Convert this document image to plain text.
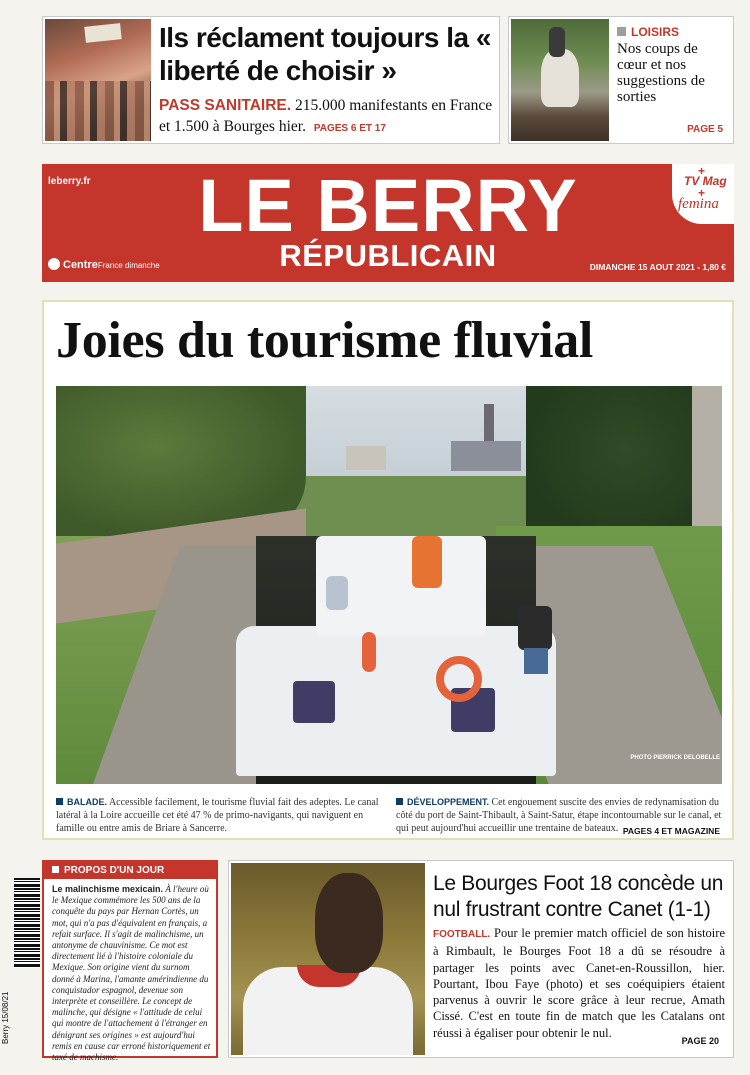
Ils réclament toujours la « liberté de choisir »
PASS SANITAIRE. 215.000 manifestants en France et 1.500 à Bourges hier. PAGES 6 ET 17
LOISIRS
Nos coups de cœur et nos suggestions de sorties
PAGE 5
leberry.fr	LE BERRY
RÉPUBLICAIN
CentreFrance dimanche	DIMANCHE 15 AOUT 2021 - 1,80 €
+
TV Mag
+
femina
Joies du tourisme fluvial
PHOTO PIERRICK DELOBELLE
BALADE. Accessible facilement, le tourisme fluvial fait des adeptes. Le canal latéral à la Loire accueille cet été 47 % de primo-navigants, qui naviguent en famille ou entre amis de Briare à Sancerre.
DÉVELOPPEMENT. Cet engouement suscite des envies de redynamisation du côté du port de Saint-Thibault, à Saint-Satur, étape incontournable sur le canal, et qui peut aujourd'hui accueillir une trentaine de bateaux. PAGES 4 ET MAGAZINE
Berry 15/08/21
PROPOS D'UN JOUR
Le malinchisme mexicain. À l'heure où le Mexique commémore les 500 ans de la conquête du pays par Hernan Cortès, un mot, qui n'a pas d'équivalent en français, a refait surface. Il s'agit de malinchisme, un antonyme de chauvinisme. Ce mot est directement lié à l'histoire coloniale du Mexique. Son origine vient du surnom donné à Marina, l'amante amérindienne du conquistador espagnol, devenue son interprète et conseillère. Le concept de malinche, qui désigne « l'attitude de celui qui montre de l'attachement à l'étranger en dénigrant ses origines » est aujourd'hui remis en cause car erroné historiquement et taxé de machisme.
Le Bourges Foot 18 concède un nul frustrant contre Canet (1-1)
FOOTBALL. Pour le premier match officiel de son histoire à Rimbault, le Bourges Foot 18 a dû se résoudre à partager les points avec Canet-en-Roussillon, hier. Pourtant, Ibou Faye (photo) et ses coéquipiers étaient parvenus à ouvrir le score grâce à leur recrue, Amath Cissé. C'est en toute fin de match que les Catalans ont réussi à égaliser pour obtenir le nul.
PAGE 20
